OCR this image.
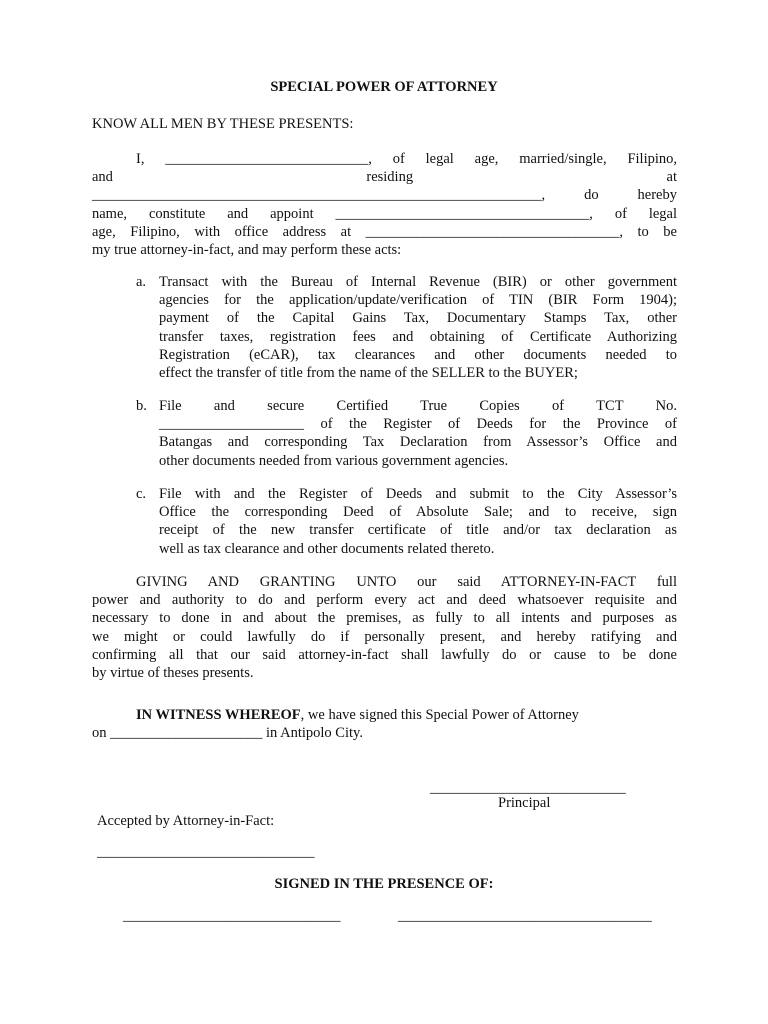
SPECIAL POWER OF ATTORNEY
KNOW ALL MEN BY THESE PRESENTS:
I, ____________________________, of legal age, married/single, Filipino,
and residing at
______________________________________________________________, do hereby
name, constitute and appoint ___________________________________, of legal
age, Filipino, with office address at ___________________________________, to be
my true attorney-in-fact, and may perform these acts:
a. Transact with the Bureau of Internal Revenue (BIR) or other government
agencies for the application/update/verification of TIN (BIR Form 1904);
payment of the Capital Gains Tax, Documentary Stamps Tax, other
transfer taxes, registration fees and obtaining of Certificate Authorizing
Registration (eCAR), tax clearances and other documents needed to
effect the transfer of title from the name of the SELLER to the BUYER;
b. File and secure Certified True Copies of TCT No.
____________________ of the Register of Deeds for the Province of
Batangas and corresponding Tax Declaration from Assessor’s Office and
other documents needed from various government agencies.
c. File with and the Register of Deeds and submit to the City Assessor’s
Office the corresponding Deed of Absolute Sale; and to receive, sign
receipt of the new transfer certificate of title and/or tax declaration as
well as tax clearance and other documents related thereto.
GIVING AND GRANTING UNTO our said ATTORNEY-IN-FACT full
power and authority to do and perform every act and deed whatsoever requisite and
necessary to done in and about the premises, as fully to all intents and purposes as
we might or could lawfully do if personally present, and hereby ratifying and
confirming all that our said attorney-in-fact shall lawfully do or cause to be done
by virtue of theses presents.
IN WITNESS WHEREOF, we have signed this Special Power of Attorney
on _____________________ in Antipolo City.
___________________________
Principal
Accepted by Attorney-in-Fact:
______________________________
SIGNED IN THE PRESENCE OF:
______________________________	___________________________________
